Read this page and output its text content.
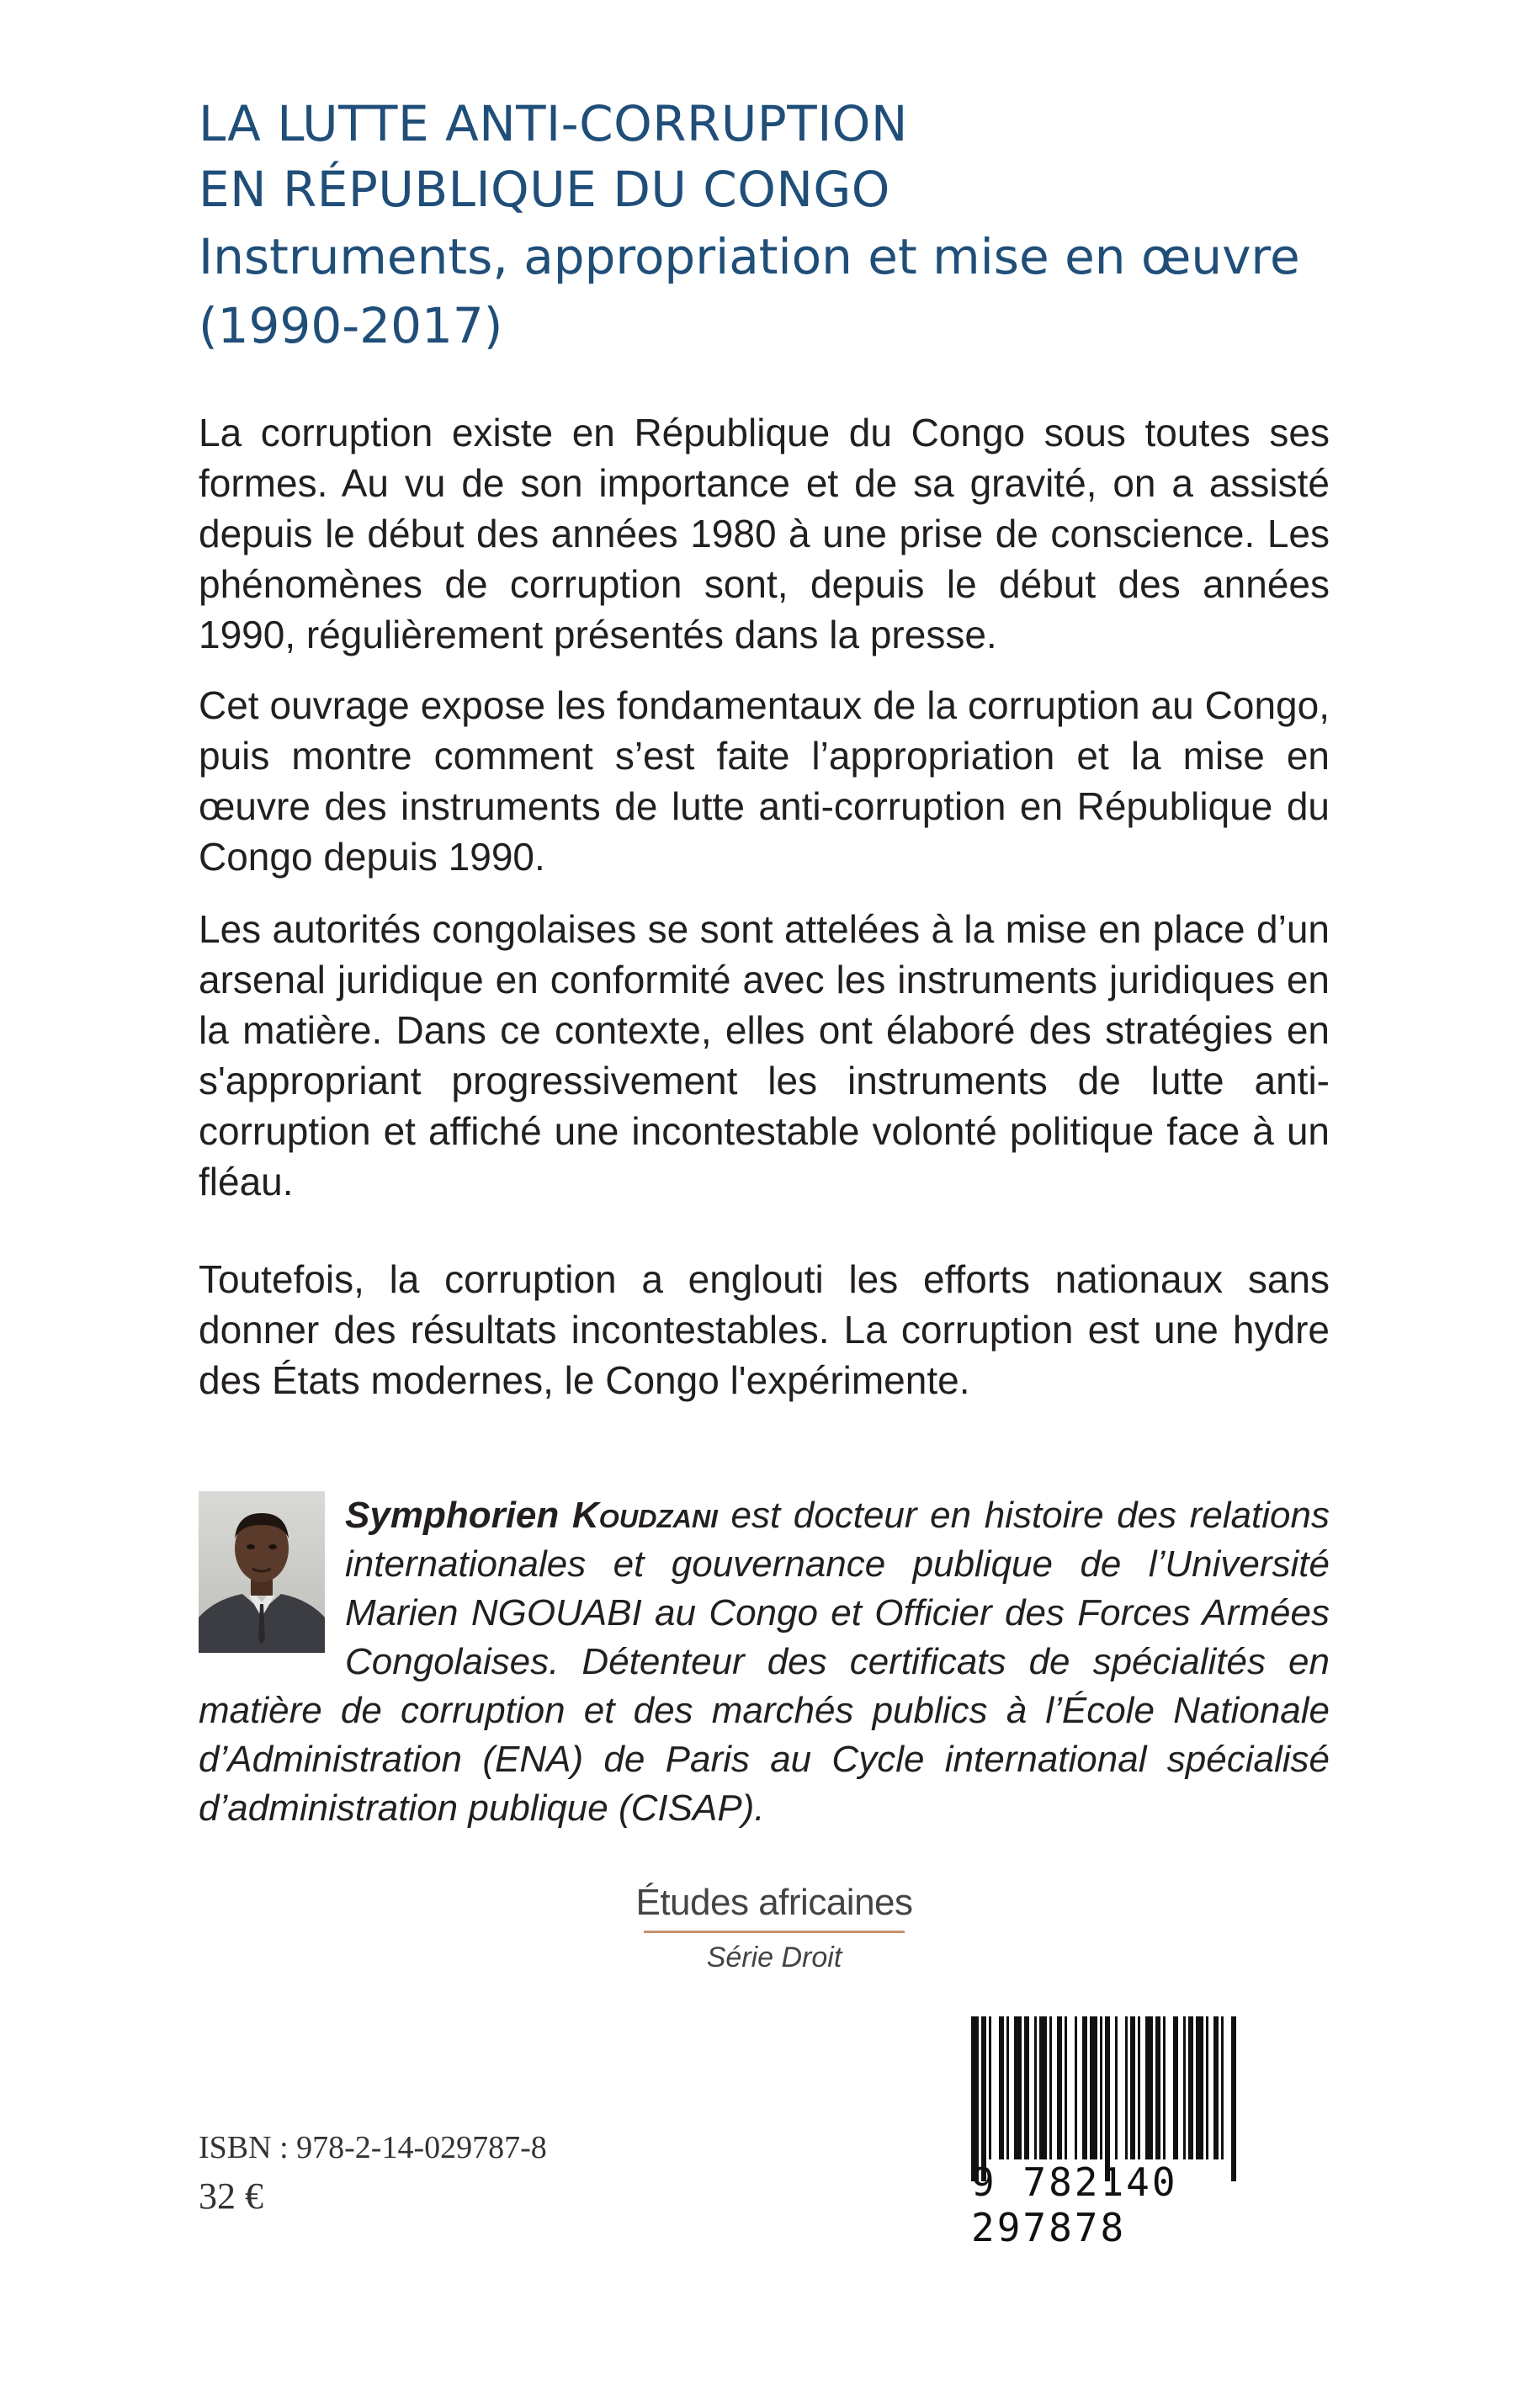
LA LUTTE ANTI-CORRUPTION
EN RÉPUBLIQUE DU CONGO
Instruments, appropriation et mise en œuvre
(1990-2017)

La corruption existe en République du Congo sous toutes ses formes. Au vu de son importance et de sa gravité, on a assisté depuis le début des années 1980 à une prise de conscience. Les phénomènes de corruption sont, depuis le début des années 1990, régulièrement présentés dans la presse.

Cet ouvrage expose les fondamentaux de la corruption au Congo, puis montre comment s’est faite l’appropriation et la mise en œuvre des instruments de lutte anti-corruption en République du Congo depuis 1990.

Les autorités congolaises se sont attelées à la mise en place d’un arsenal juridique en conformité avec les instruments juridiques en la matière. Dans ce contexte, elles ont élaboré des stratégies en s'appropriant progressivement les instruments de lutte anti-corruption et affiché une incontestable volonté politique face à un fléau.

Toutefois, la corruption a englouti les efforts nationaux sans donner des résultats incontestables. La corruption est une hydre des États modernes, le Congo l'expérimente.

Symphorien Koudzani est docteur en histoire des relations internationales et gouvernance publique de l’Université Marien NGOUABI au Congo et Officier des Forces Armées Congolaises. Détenteur des certificats de spécialités en matière de corruption et des marchés publics à l’École Nationale d’Administration (ENA) de Paris au Cycle international spécialisé d’administration publique (CISAP).

Études africaines
Série Droit
ISBN : 978-2-14-029787-8
32 €	9 782140 297878
